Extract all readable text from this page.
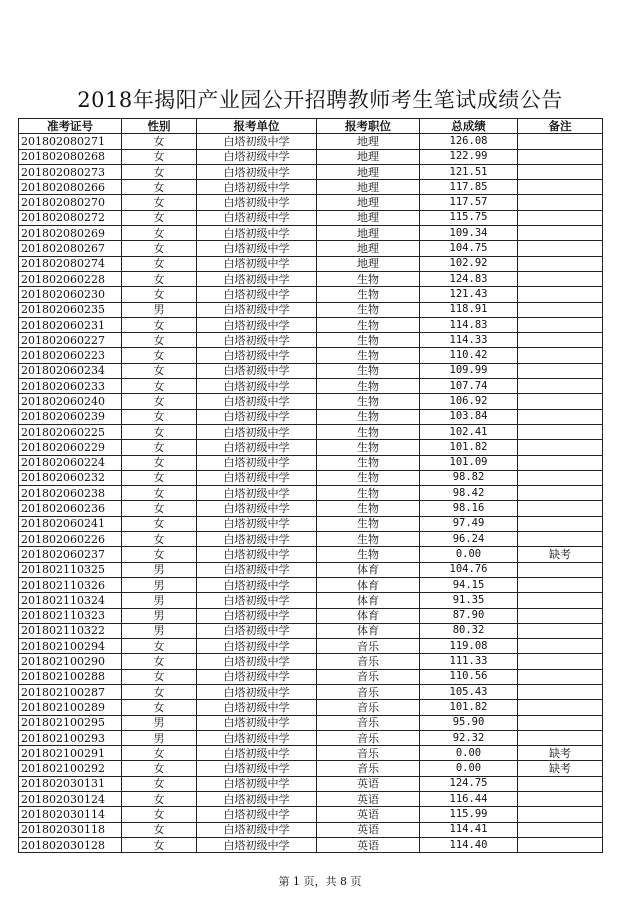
2018年揭阳产业园公开招聘教师考生笔试成绩公告
准考证号	性别	报考单位	报考职位	总成绩	备注
201802080271	女	白塔初级中学	地理	126.08	
201802080268	女	白塔初级中学	地理	122.99	
201802080273	女	白塔初级中学	地理	121.51	
201802080266	女	白塔初级中学	地理	117.85	
201802080270	女	白塔初级中学	地理	117.57	
201802080272	女	白塔初级中学	地理	115.75	
201802080269	女	白塔初级中学	地理	109.34	
201802080267	女	白塔初级中学	地理	104.75	
201802080274	女	白塔初级中学	地理	102.92	
201802060228	女	白塔初级中学	生物	124.83	
201802060230	女	白塔初级中学	生物	121.43	
201802060235	男	白塔初级中学	生物	118.91	
201802060231	女	白塔初级中学	生物	114.83	
201802060227	女	白塔初级中学	生物	114.33	
201802060223	女	白塔初级中学	生物	110.42	
201802060234	女	白塔初级中学	生物	109.99	
201802060233	女	白塔初级中学	生物	107.74	
201802060240	女	白塔初级中学	生物	106.92	
201802060239	女	白塔初级中学	生物	103.84	
201802060225	女	白塔初级中学	生物	102.41	
201802060229	女	白塔初级中学	生物	101.82	
201802060224	女	白塔初级中学	生物	101.09	
201802060232	女	白塔初级中学	生物	98.82	
201802060238	女	白塔初级中学	生物	98.42	
201802060236	女	白塔初级中学	生物	98.16	
201802060241	女	白塔初级中学	生物	97.49	
201802060226	女	白塔初级中学	生物	96.24	
201802060237	女	白塔初级中学	生物	0.00	缺考
201802110325	男	白塔初级中学	体育	104.76	
201802110326	男	白塔初级中学	体育	94.15	
201802110324	男	白塔初级中学	体育	91.35	
201802110323	男	白塔初级中学	体育	87.90	
201802110322	男	白塔初级中学	体育	80.32	
201802100294	女	白塔初级中学	音乐	119.08	
201802100290	女	白塔初级中学	音乐	111.33	
201802100288	女	白塔初级中学	音乐	110.56	
201802100287	女	白塔初级中学	音乐	105.43	
201802100289	女	白塔初级中学	音乐	101.82	
201802100295	男	白塔初级中学	音乐	95.90	
201802100293	男	白塔初级中学	音乐	92.32	
201802100291	女	白塔初级中学	音乐	0.00	缺考
201802100292	女	白塔初级中学	音乐	0.00	缺考
201802030131	女	白塔初级中学	英语	124.75	
201802030124	女	白塔初级中学	英语	116.44	
201802030114	女	白塔初级中学	英语	115.99	
201802030118	女	白塔初级中学	英语	114.41	
201802030128	女	白塔初级中学	英语	114.40	
第 1 页，共 8 页
